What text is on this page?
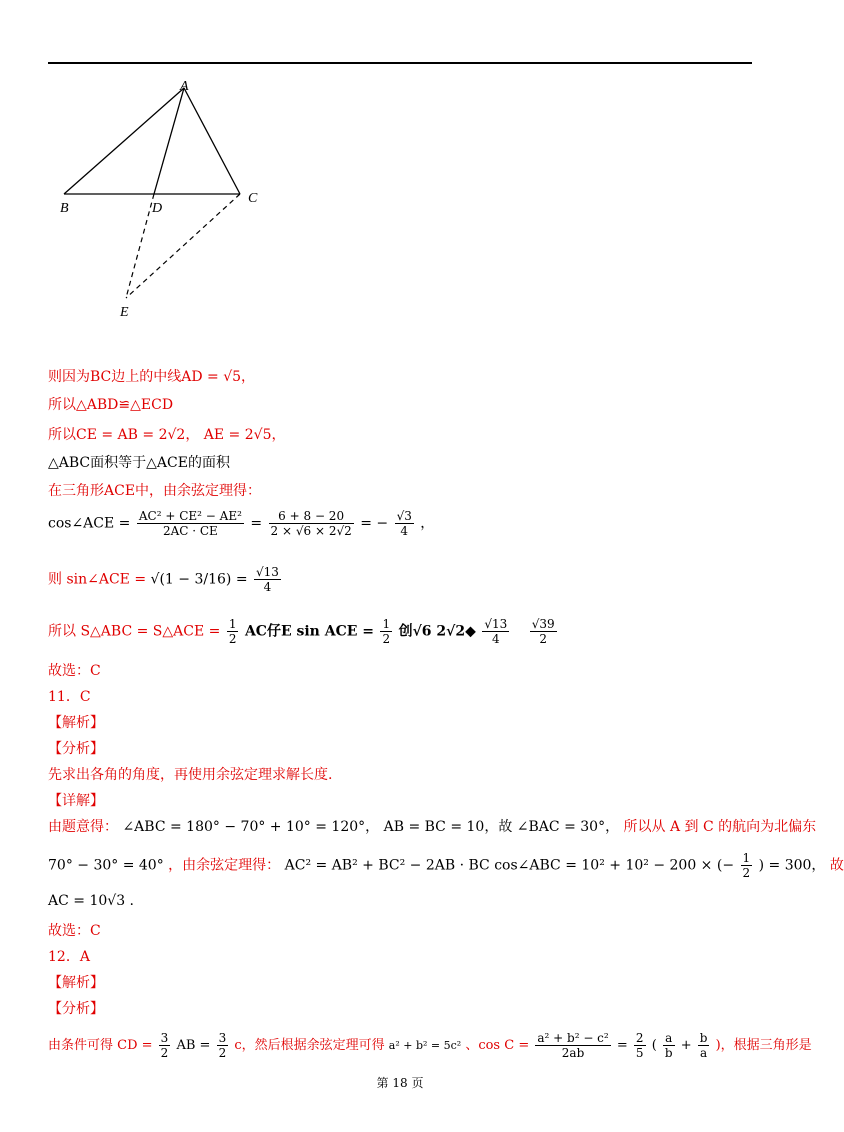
A
B
C
D
E
则因为BC边上的中线AD = √5，
所以△ABD≌△ECD
所以CE = AB = 2√2， AE = 2√5，
△ABC面积等于△ACE的面积
在三角形ACE中，由余弦定理得：
cos∠ACE = $\frac{\text{AC² + CE² − AE²}}{2AC \cdot CE} = \frac{6 + 8 - 20}{2 \times √6 \times 2√2}$ = − $\frac{√3}{4}$ ，
则 sin∠ACE = $√(1 - 3/16) = \frac{√13}{4}$
所以 S△ABC = S△ACE = $\frac{1}{2}$ AC仔E sin ACE = $\frac{1}{2}$ 创√6 2√2◆ $\frac{√13}{4}$
$\frac{√39}{2}$
故选：C
11．C
【解析】
【分析】
先求出各角的角度，再使用余弦定理求解长度.
【详解】
由题意得： ∠ABC = 180° − 70° + 10° = 120°， AB = BC = 10，故 ∠BAC = 30°， 所以从 A 到 C 的航向为北偏东
70° − 30° = 40° ，由余弦定理得： AC² = AB² + BC² − 2AB · BC cos∠ABC = 10² + 10² − 200 × (− $\frac{1}{2}$ ) = 300， 故
AC = 10√3 .
故选：C
12．A
【解析】
【分析】
由条件可得 CD = $\frac{3}{2}$ AB = $\frac{3}{2}$ c，然后根据余弦定理可得 a² + b² = 5c² 、$\cos C = \frac{\text{a² + b² − c²}}{2ab} = \frac{2}{5}$ ( $\frac{a}{b} + \frac{b}{a}$ )，根据三角形是
第 18 页
